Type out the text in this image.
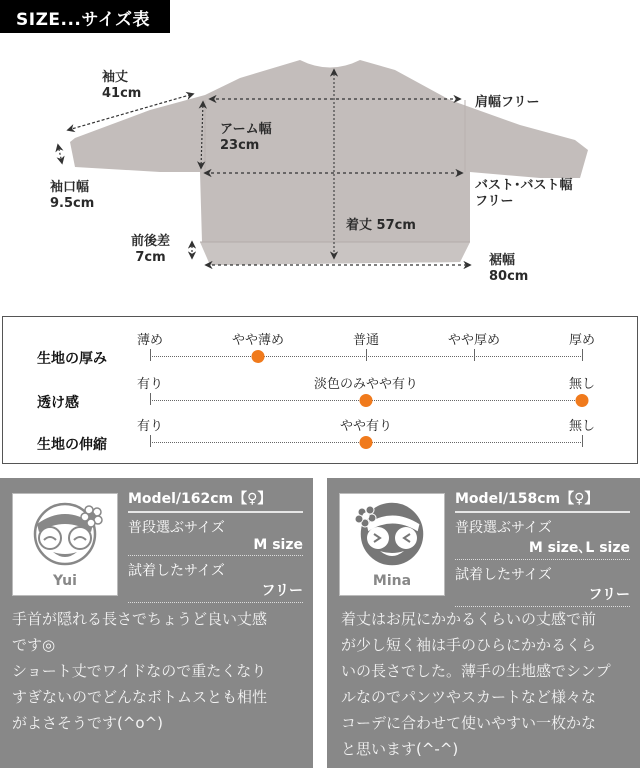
SIZE...サイズ表
袖丈
41cm
アーム幅
23cm
袖口幅
9.5cm
前後差
7cm
肩幅フリー
バスト･バスト幅
フリー
着丈 57cm
裾幅
80cm
生地の厚み
薄め	やや薄め	普通	やや厚め	厚め
透け感
有り	淡色のみやや有り	無し
生地の伸縮
有り	やや有り	無し
Yui
Model/162cm【♀】
普段選ぶサイズ
M size
試着したサイズ
フリー
手首が隠れる長さでちょうど良い丈感
です◎
ショート丈でワイドなので重たくなり
すぎないのでどんなボトムスとも相性
がよさそうです(^o^)
Mina
Model/158cm【♀】
普段選ぶサイズ
M size､L size
試着したサイズ
フリー
着丈はお尻にかかるくらいの丈感で前
が少し短く袖は手のひらにかかるくら
いの長さでした。薄手の生地感でシンプ
ルなのでパンツやスカートなど様々な
コーデに合わせて使いやすい一枚かな
と思います(^-^)
